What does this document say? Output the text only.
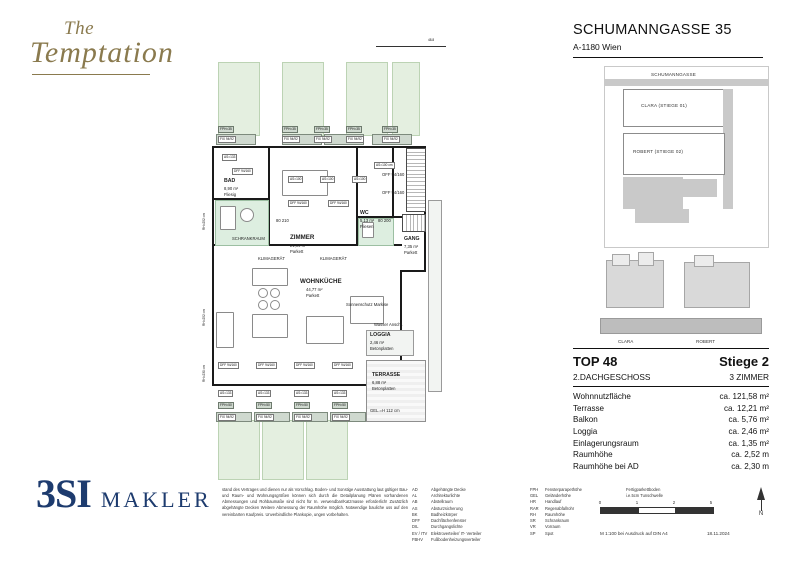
The
Temptation
SCHUMANNGASSE 35
A-1180 Wien
SCHUMANNGASSE
CLARA (STIEGE 01)
ROBERT (STIEGE 02)
CLARA	ROBERT
TOP 48	Stiege 2
2.DACHGESCHOSS	3 ZIMMER
Wohnnutzfläche	ca. 121,58 m²
Terrasse	ca. 12,21 m²
Balkon	ca. 5,76 m²
Loggia	ca. 2,46 m²
Einlagerungsraum	ca. 1,35 m²
Raumhöhe	ca. 2,52 m
Raumhöhe bei AD	ca. 2,30 m
0	1	2	5
M 1:100 bei Ausdruck auf DIN A4	18.11.2024
N
3SI MAKLER	stand des Vertrages und dienen nur als Vorschlag. Boden- und Sonstige Ausstattung laut gültiger Bau- und Raum- und Wohnungsgrößen können sich durch die Detailplanung Plänen vorhandenen Abmessungen und Rohbaumaße sind nicht für In. verwendbar/Katzmasse erforderlich! Zusätzlich abgehängte Decken Weitere Abmessung der Raumhöhe möglich. Notwendige bauliche uss auf den vereinbarten Kaufpreis. Unverbindliche Plankopie, ungen vorbehalten.
AD	Abgehängte Decke
AL	Architekturlichte
AB	Abstellraum
AS	Absturzsicherung
BK	Badheizkörper
DFF	Dachflächenfenster
DIL	Durchgangslichte
EV / ITV Elektroverteiler/ IT- Verteiler
FBHV	Fußbodenheizungsverteiler
FPH	Fensterparapethöhe
GEL	Geländerhöhe
HR	Handlauf
RAR	Regenabfallrohr
RH	Raumhöhe
SR	Schrankraum
VR	Vorraum
SP	Spot
Fertigparkettboden
i.e.5cm Tunschwelle
48.8
FPH=35	FPH=35	FPH=35	FPH=35	FPH=35
FIX 94/92	FIX 94/92	FIX 94/92	FIX 94/92	FIX 94/92
ZIMMER
21,04 m²
Parkett
WOHNKÜCHE
44,77 m²
Parkett
BAD
8,90 m²
Fliesig
WC
5,13 m²
Fliesen
GANG
7,35 m²
Parkett
LOGGIA
2,46 m²
Betonplatten
TERRASSE
6,88 m²
Betonplatten
DFF 94/160
DFF 94/160	DFF 94/160
DFF 94/160	DFF 94/160	DFF 94/160	DFF 94/160
AS=133	AS=133	AS=133	AS=133
AS=133
AS=100	AS=100	AS=100
AS=100 cm
RH=252 cm
RH=252 cm
RH=230 cm
KLIMAGERÄT	KLIMAGERÄT
SCHRANKRAUM
Wasser Anschl.
Sonnenschutz Markise
GEL.=H 112 cm
OFF 94/160
OFF 94/160
80 210	80 200
FPH=50	FPH=50	FPH=50	FPH=50
FIX 94/92	FIX 94/92	FIX 94/92	FIX 94/92
